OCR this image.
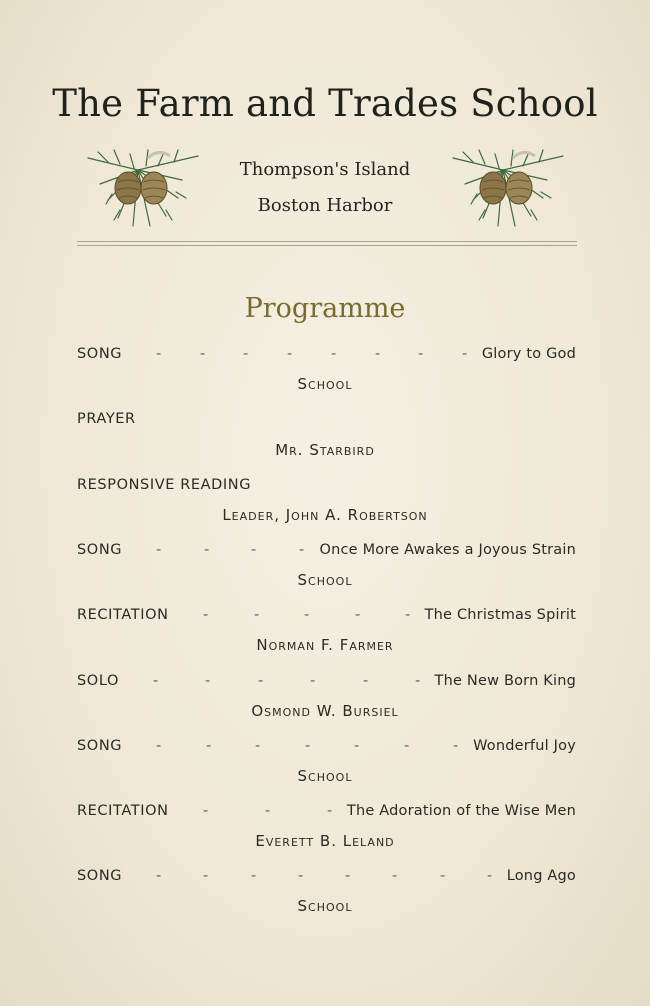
The Farm and Trades School
Thompson's Island
Boston Harbor
Programme
SONG	Glory to God
-	-	-	-	-	-	-	-
School
PRAYER
Mr. Starbird
RESPONSIVE READING
Leader, John A. Robertson
SONG	Once More Awakes a Joyous Strain
-	-	-	-
School
RECITATION	The Christmas Spirit
-	-	-	-	-
Norman F. Farmer
SOLO	The New Born King
-	-	-	-	-	-
Osmond W. Bursiel
SONG	Wonderful Joy
-	-	-	-	-	-	-
School
RECITATION	The Adoration of the Wise Men
-	-	-
Everett B. Leland
SONG	Long Ago
-	-	-	-	-	-	-	-
School
